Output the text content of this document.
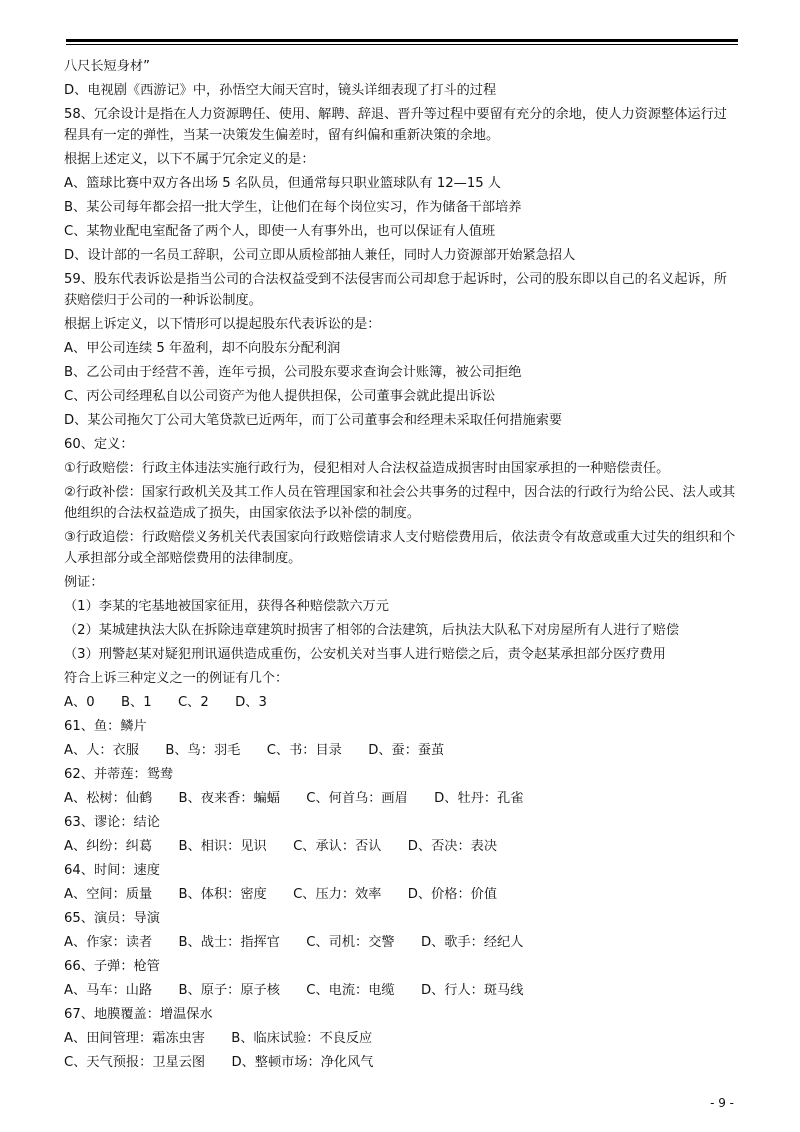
八尺长短身材”

D、电视剧《西游记》中，孙悟空大闹天宫时，镜头详细表现了打斗的过程

58、冗余设计是指在人力资源聘任、使用、解聘、辞退、晋升等过程中要留有充分的余地，使人力资源整体运行过程具有一定的弹性，当某一决策发生偏差时，留有纠偏和重新决策的余地。

根据上述定义，以下不属于冗余定义的是：

A、篮球比赛中双方各出场 5 名队员，但通常每只职业篮球队有 12—15 人

B、某公司每年都会招一批大学生，让他们在每个岗位实习，作为储备干部培养

C、某物业配电室配备了两个人，即使一人有事外出，也可以保证有人值班

D、设计部的一名员工辞职，公司立即从质检部抽人兼任，同时人力资源部开始紧急招人

59、股东代表诉讼是指当公司的合法权益受到不法侵害而公司却怠于起诉时，公司的股东即以自己的名义起诉，所获赔偿归于公司的一种诉讼制度。

根据上诉定义，以下情形可以提起股东代表诉讼的是：

A、甲公司连续 5 年盈利，却不向股东分配利润

B、乙公司由于经营不善，连年亏损，公司股东要求查询会计账簿，被公司拒绝

C、丙公司经理私自以公司资产为他人提供担保，公司董事会就此提出诉讼

D、某公司拖欠丁公司大笔贷款已近两年，而丁公司董事会和经理未采取任何措施索要

60、定义：

①行政赔偿：行政主体违法实施行政行为，侵犯相对人合法权益造成损害时由国家承担的一种赔偿责任。

②行政补偿：国家行政机关及其工作人员在管理国家和社会公共事务的过程中，因合法的行政行为给公民、法人或其他组织的合法权益造成了损失，由国家依法予以补偿的制度。

③行政追偿：行政赔偿义务机关代表国家向行政赔偿请求人支付赔偿费用后，依法责令有故意或重大过失的组织和个人承担部分或全部赔偿费用的法律制度。

例证：

（1）李某的宅基地被国家征用，获得各种赔偿款六万元

（2）某城建执法大队在拆除违章建筑时损害了相邻的合法建筑，后执法大队私下对房屋所有人进行了赔偿

（3）刑警赵某对疑犯刑讯逼供造成重伤，公安机关对当事人进行赔偿之后，责令赵某承担部分医疗费用

符合上诉三种定义之一的例证有几个：

A、0　　B、1　　C、2　　D、3

61、鱼：鳞片

A、人：衣服　　B、鸟：羽毛　　C、书：目录　　D、蚕：蚕茧

62、并蒂莲：鸳鸯

A、松树：仙鹤　　B、夜来香：蝙蝠　　C、何首乌：画眉　　D、牡丹：孔雀

63、谬论：结论

A、纠纷：纠葛　　B、相识：见识　　C、承认：否认　　D、否决：表决

64、时间：速度

A、空间：质量　　B、体积：密度　　C、压力：效率　　D、价格：价值

65、演员：导演

A、作家：读者　　B、战士：指挥官　　C、司机：交警　　D、歌手：经纪人

66、子弹：枪管

A、马车：山路　　B、原子：原子核　　C、电流：电缆　　D、行人：斑马线

67、地膜覆盖：增温保水

A、田间管理：霜冻虫害　　B、临床试验：不良反应

C、天气预报：卫星云图　　D、整顿市场：净化风气

- 9 -
